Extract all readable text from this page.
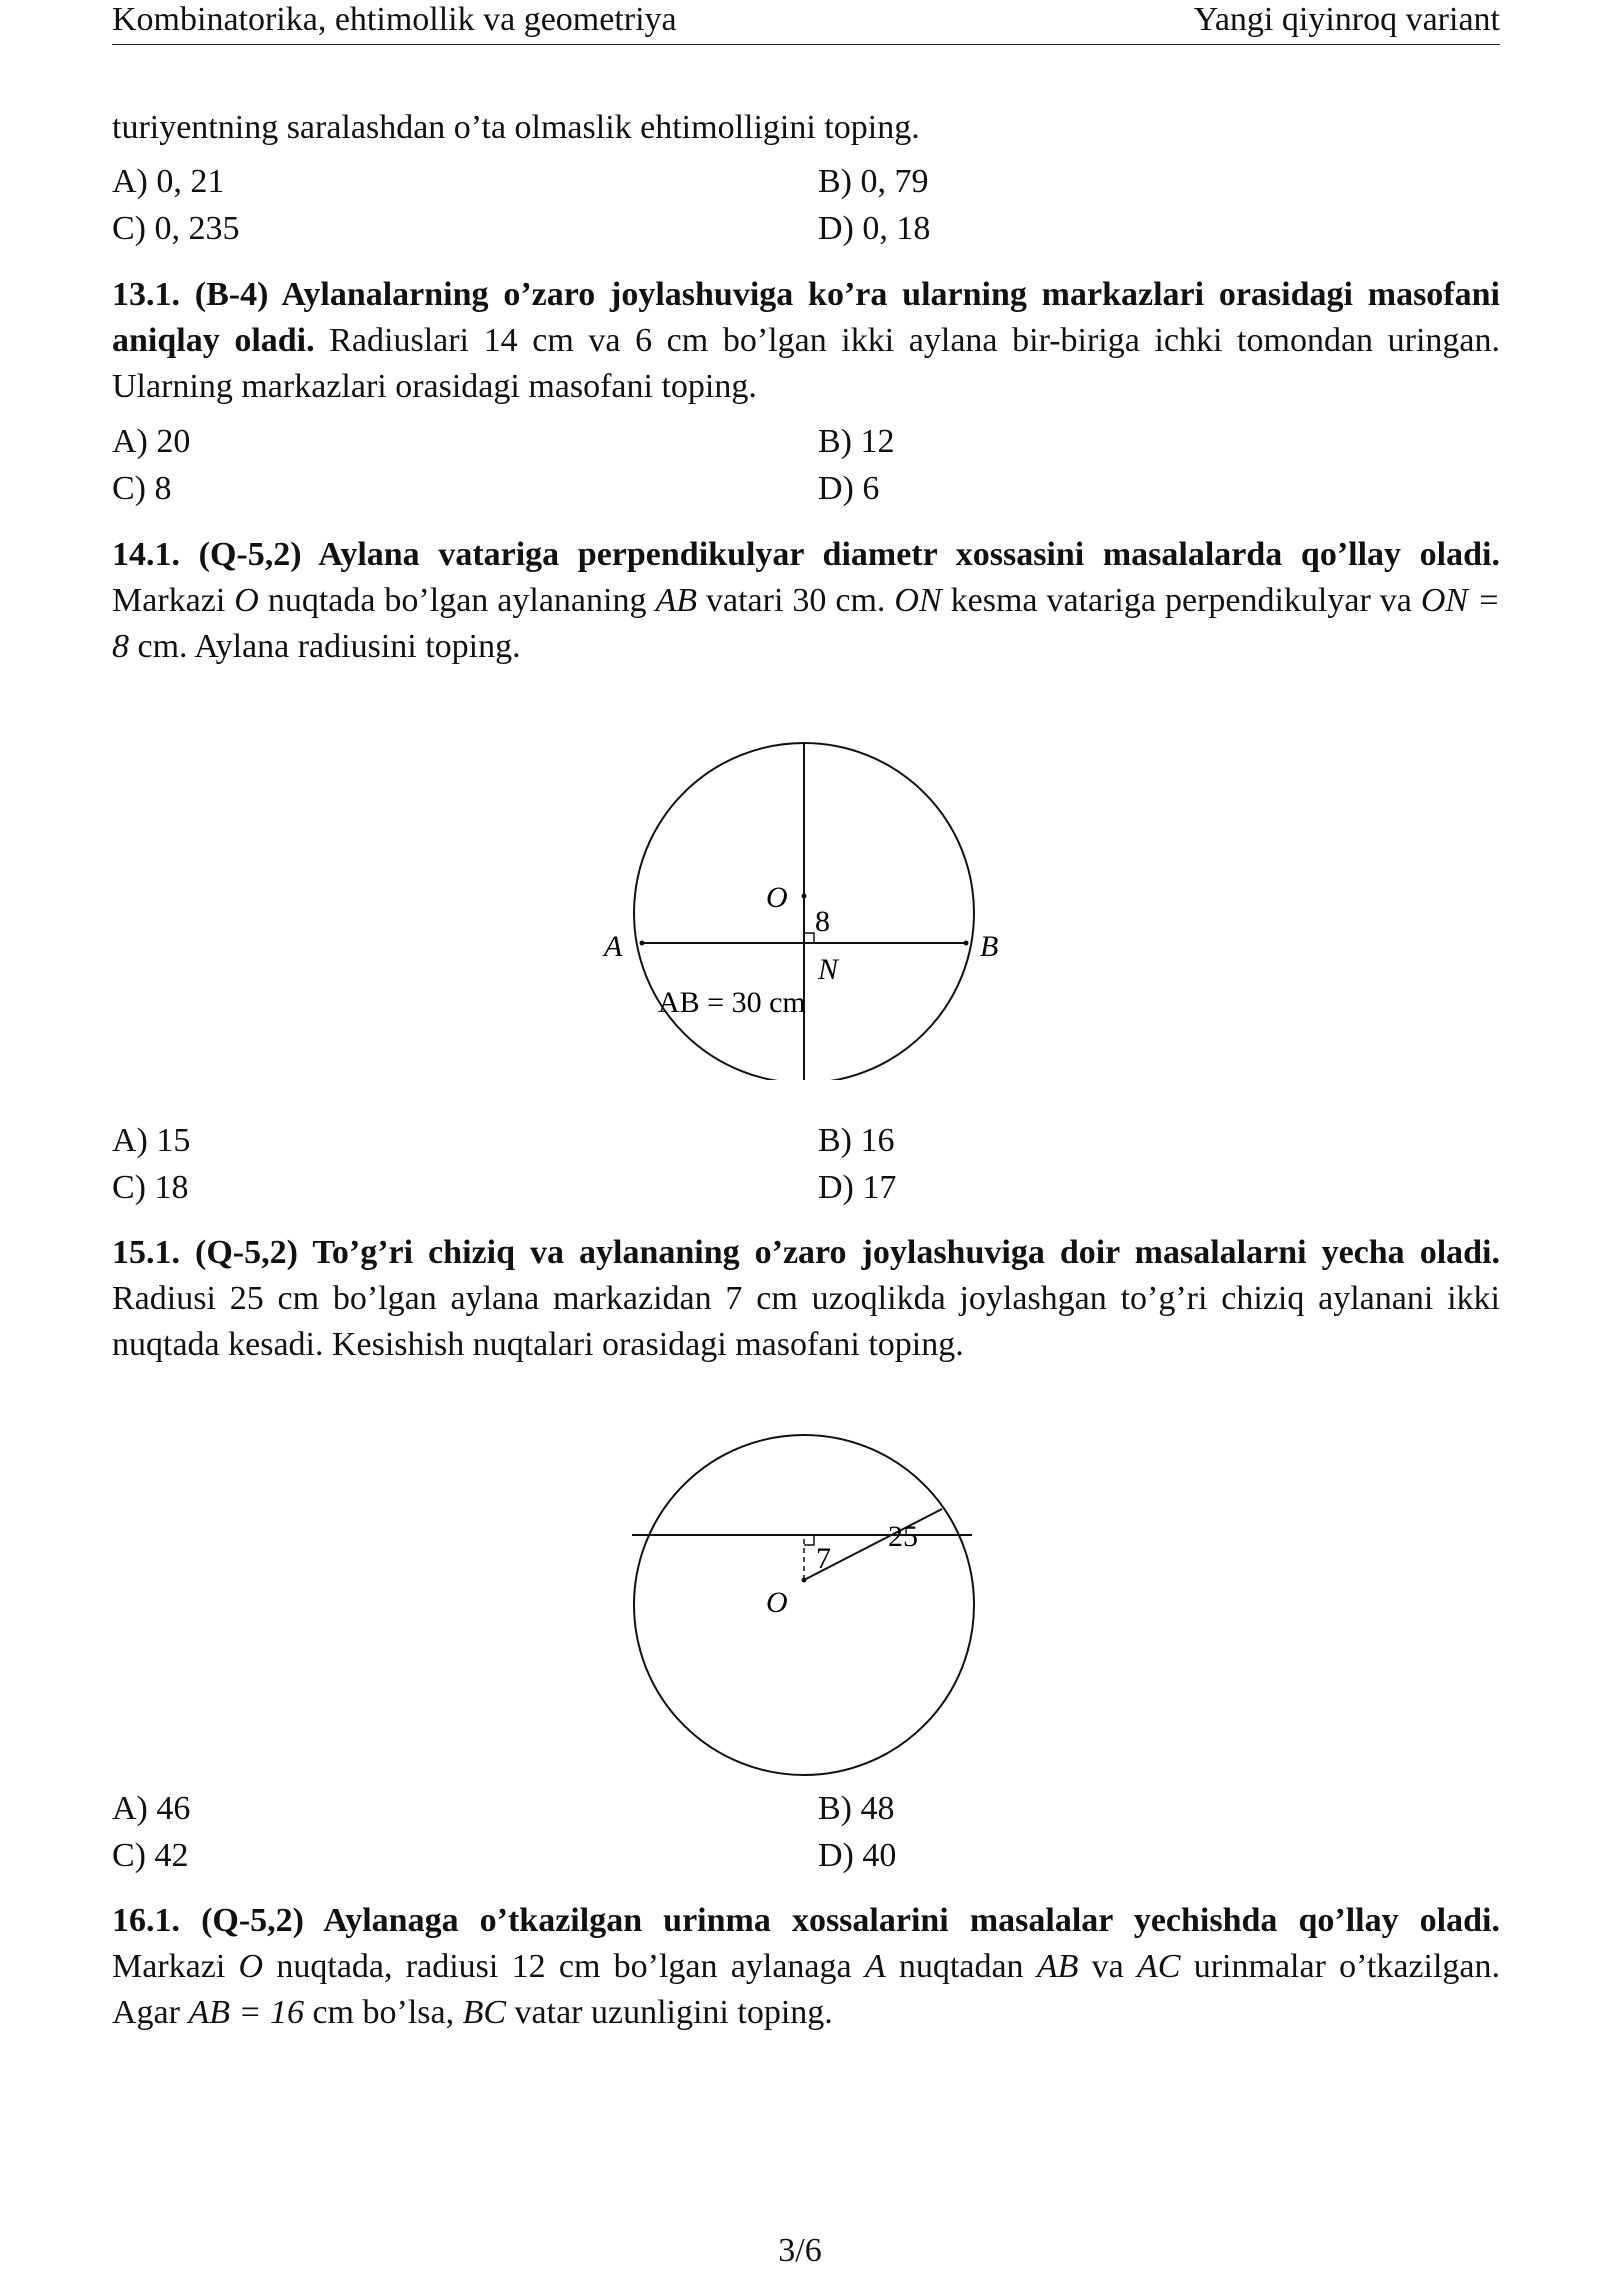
Kombinatorika, ehtimollik va geometriya	Yangi qiyinroq variant

turiyentning saralashdan o’ta olmaslik ehtimolligini toping.

A) 0, 21	B) 0, 79
C) 0, 235	D) 0, 18

13.1. (B-4) Aylanalarning o’zaro joylashuviga ko’ra ularning markazlari orasidagi masofani aniqlay oladi. Radiuslari 14 cm va 6 cm bo’lgan ikki aylana bir-biriga ichki tomondan uringan. Ularning markazlari orasidagi masofani toping.

A) 20	B) 12
C) 8	D) 6

14.1. (Q-5,2) Aylana vatariga perpendikulyar diametr xossasini masalalarda qo’llay oladi. Markazi O nuqtada bo’lgan aylananing AB vatari 30 cm. ON kesma vatariga perpendikulyar va ON = 8 cm. Aylana radiusini toping.

O
8
A	B
N
AB = 30 cm
A) 15	B) 16
C) 18	D) 17

15.1. (Q-5,2) To’g’ri chiziq va aylananing o’zaro joylashuviga doir masalalarni yecha oladi. Radiusi 25 cm bo’lgan aylana markazidan 7 cm uzoqlikda joylashgan to’g’ri chiziq aylanani ikki nuqtada kesadi. Kesishish nuqtalari orasidagi masofani toping.

7
25
O
A) 46	B) 48
C) 42	D) 40

16.1. (Q-5,2) Aylanaga o’tkazilgan urinma xossalarini masalalar yechishda qo’llay oladi. Markazi O nuqtada, radiusi 12 cm bo’lgan aylanaga A nuqtadan AB va AC urinmalar o’tkazilgan. Agar AB = 16 cm bo’lsa, BC vatar uzunligini toping.

3/6
